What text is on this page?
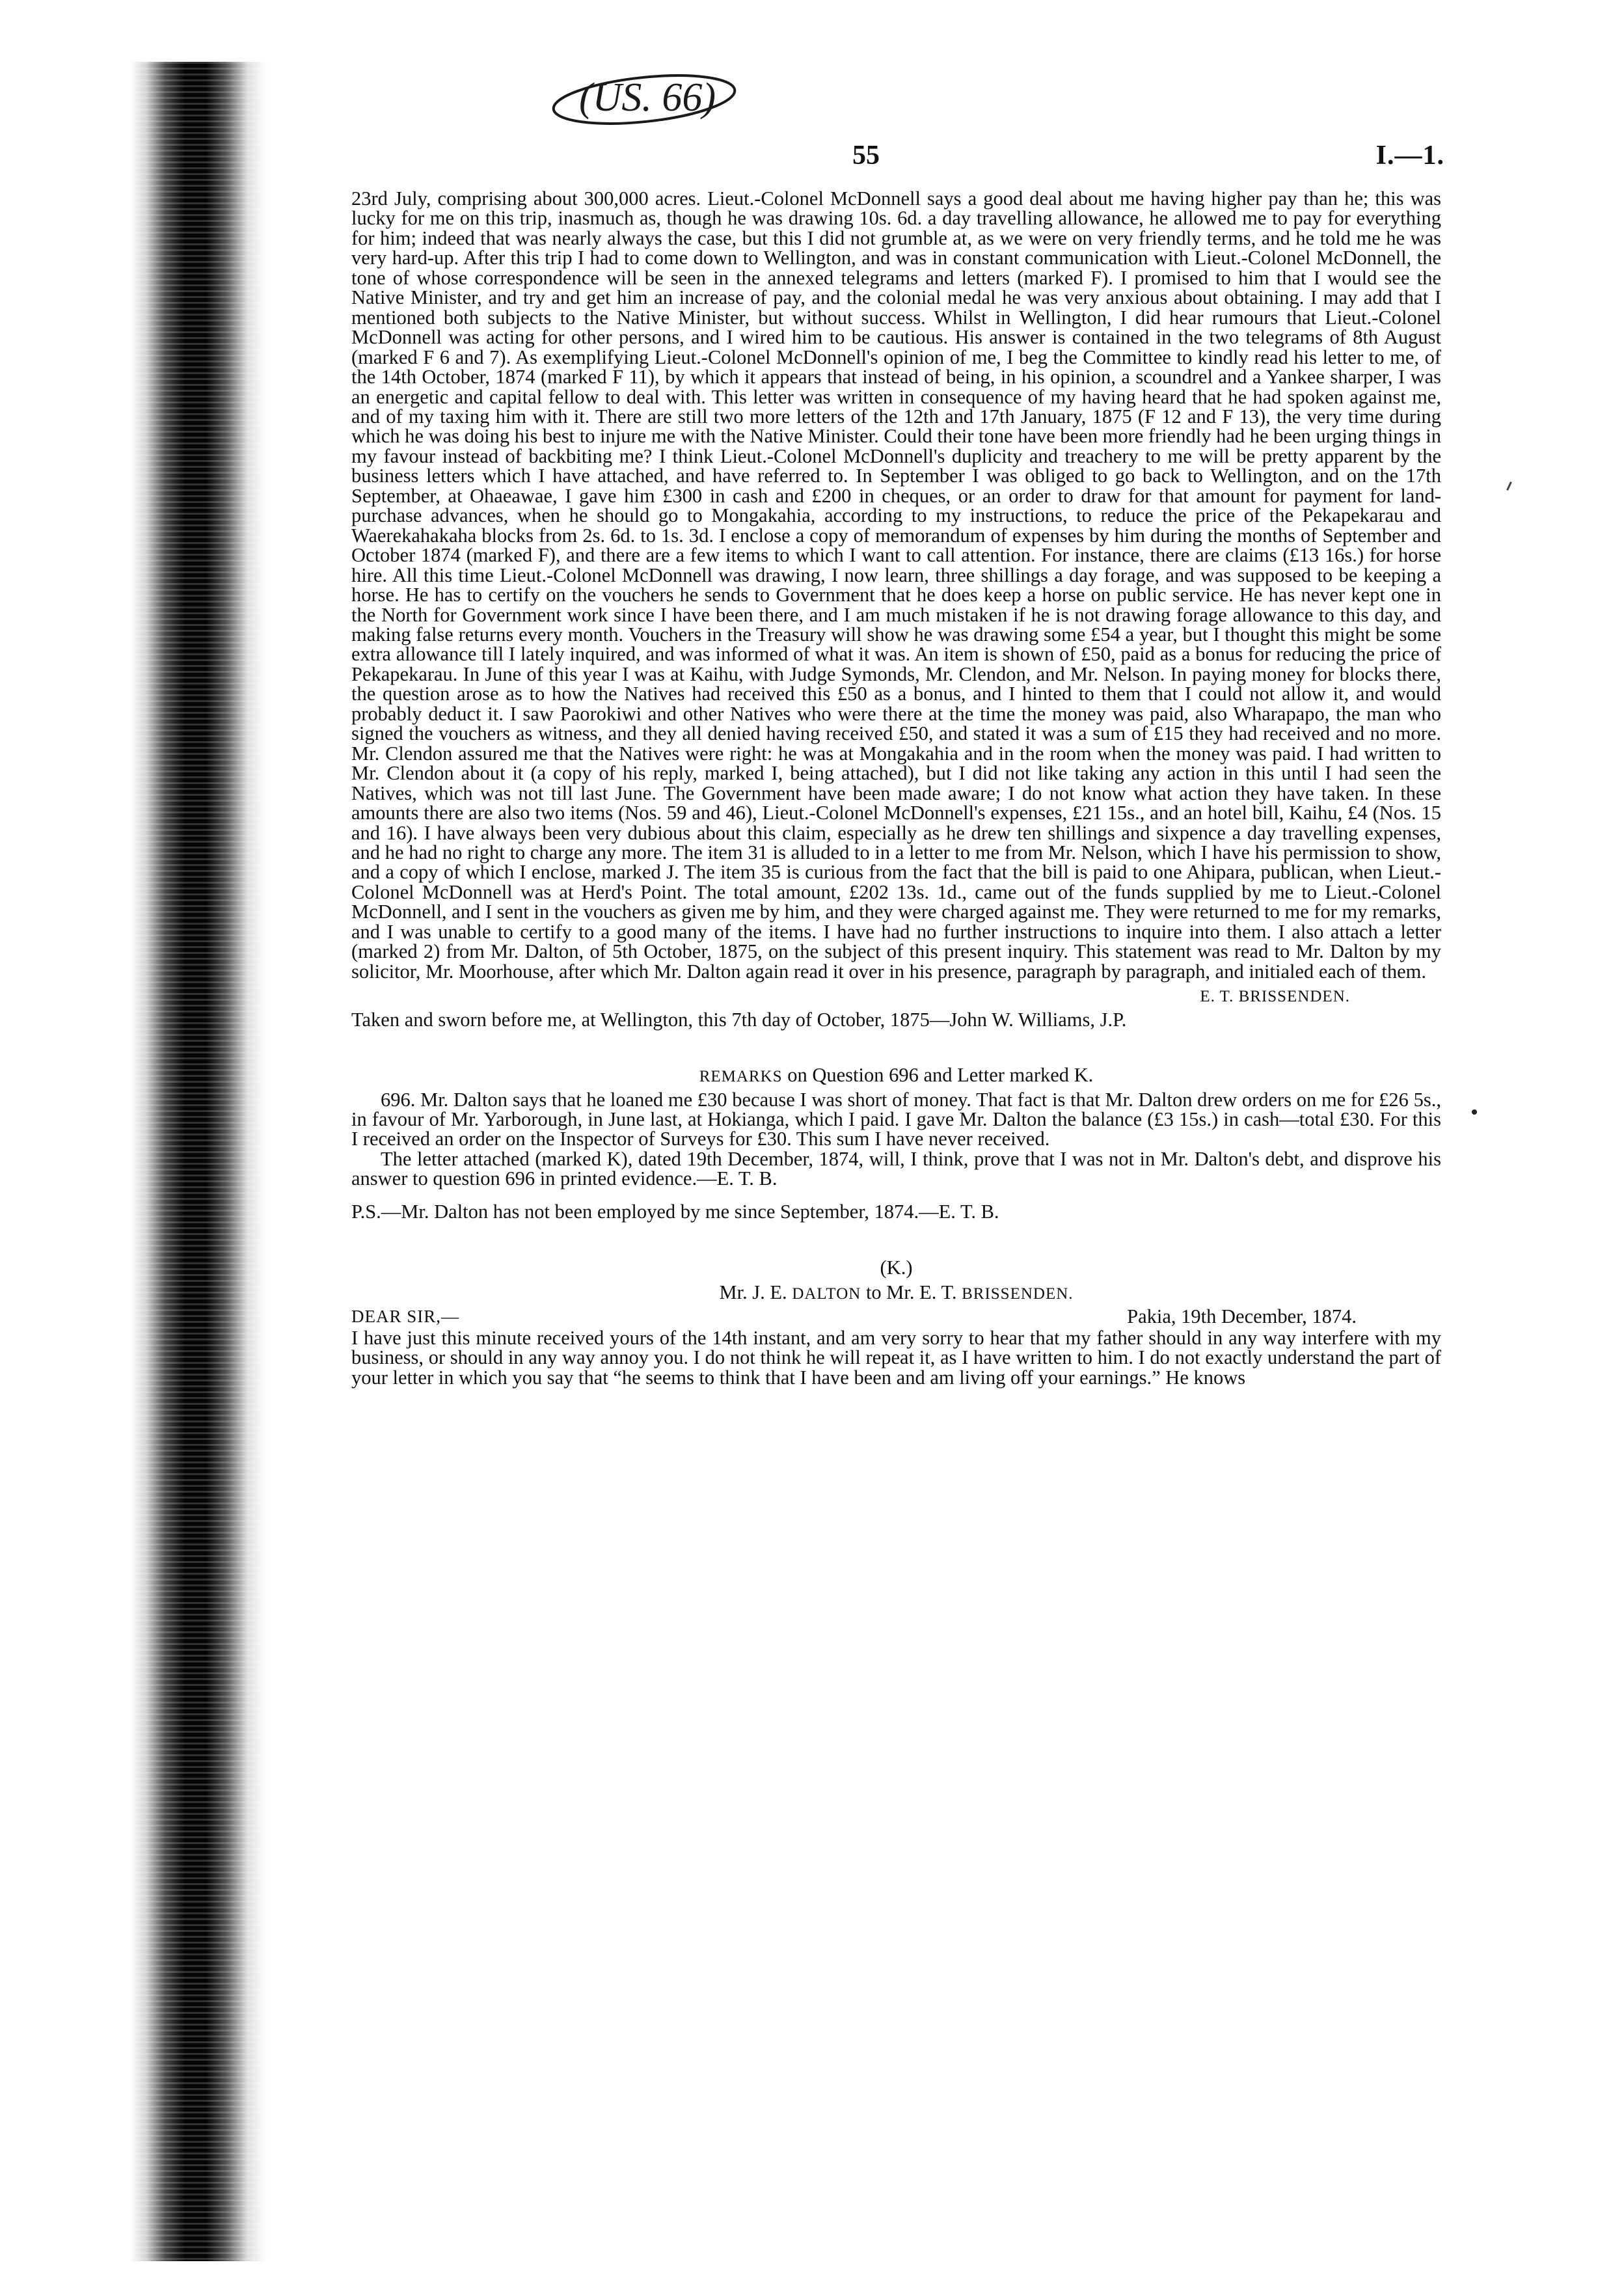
(US. 66)
55	I.—1.

23rd July, comprising about 300,000 acres. Lieut.-Colonel McDonnell says a good deal about me having higher pay than he; this was lucky for me on this trip, inasmuch as, though he was drawing 10s. 6d. a day travelling allowance, he allowed me to pay for everything for him; indeed that was nearly always the case, but this I did not grumble at, as we were on very friendly terms, and he told me he was very hard-up. After this trip I had to come down to Wellington, and was in constant communication with Lieut.-Colonel McDonnell, the tone of whose correspondence will be seen in the annexed telegrams and letters (marked F). I promised to him that I would see the Native Minister, and try and get him an increase of pay, and the colonial medal he was very anxious about obtaining. I may add that I mentioned both subjects to the Native Minister, but without success. Whilst in Wellington, I did hear rumours that Lieut.-Colonel McDonnell was acting for other persons, and I wired him to be cautious. His answer is contained in the two telegrams of 8th August (marked F 6 and 7). As exemplifying Lieut.-Colonel McDonnell's opinion of me, I beg the Committee to kindly read his letter to me, of the 14th October, 1874 (marked F 11), by which it appears that instead of being, in his opinion, a scoundrel and a Yankee sharper, I was an energetic and capital fellow to deal with. This letter was written in consequence of my having heard that he had spoken against me, and of my taxing him with it. There are still two more letters of the 12th and 17th January, 1875 (F 12 and F 13), the very time during which he was doing his best to injure me with the Native Minister. Could their tone have been more friendly had he been urging things in my favour instead of backbiting me? I think Lieut.-Colonel McDonnell's duplicity and treachery to me will be pretty apparent by the business letters which I have attached, and have referred to. In September I was obliged to go back to Wellington, and on the 17th September, at Ohaeawae, I gave him £300 in cash and £200 in cheques, or an order to draw for that amount for payment for land-purchase advances, when he should go to Mongakahia, according to my instructions, to reduce the price of the Pekapekarau and Waerekahakaha blocks from 2s. 6d. to 1s. 3d. I enclose a copy of memorandum of expenses by him during the months of September and October 1874 (marked F), and there are a few items to which I want to call attention. For instance, there are claims (£13 16s.) for horse hire. All this time Lieut.-Colonel McDonnell was drawing, I now learn, three shillings a day forage, and was supposed to be keeping a horse. He has to certify on the vouchers he sends to Government that he does keep a horse on public service. He has never kept one in the North for Government work since I have been there, and I am much mistaken if he is not drawing forage allowance to this day, and making false returns every month. Vouchers in the Treasury will show he was drawing some £54 a year, but I thought this might be some extra allowance till I lately inquired, and was informed of what it was. An item is shown of £50, paid as a bonus for reducing the price of Pekapekarau. In June of this year I was at Kaihu, with Judge Symonds, Mr. Clendon, and Mr. Nelson. In paying money for blocks there, the question arose as to how the Natives had received this £50 as a bonus, and I hinted to them that I could not allow it, and would probably deduct it. I saw Paorokiwi and other Natives who were there at the time the money was paid, also Wharapapo, the man who signed the vouchers as witness, and they all denied having received £50, and stated it was a sum of £15 they had received and no more. Mr. Clendon assured me that the Natives were right: he was at Mongakahia and in the room when the money was paid. I had written to Mr. Clendon about it (a copy of his reply, marked I, being attached), but I did not like taking any action in this until I had seen the Natives, which was not till last June. The Government have been made aware; I do not know what action they have taken. In these amounts there are also two items (Nos. 59 and 46), Lieut.-Colonel McDonnell's expenses, £21 15s., and an hotel bill, Kaihu, £4 (Nos. 15 and 16). I have always been very dubious about this claim, especially as he drew ten shillings and sixpence a day travelling expenses, and he had no right to charge any more. The item 31 is alluded to in a letter to me from Mr. Nelson, which I have his permission to show, and a copy of which I enclose, marked J. The item 35 is curious from the fact that the bill is paid to one Ahipara, publican, when Lieut.-Colonel McDonnell was at Herd's Point. The total amount, £202 13s. 1d., came out of the funds supplied by me to Lieut.-Colonel McDonnell, and I sent in the vouchers as given me by him, and they were charged against me. They were returned to me for my remarks, and I was unable to certify to a good many of the items. I have had no further instructions to inquire into them. I also attach a letter (marked 2) from Mr. Dalton, of 5th October, 1875, on the subject of this present inquiry. This statement was read to Mr. Dalton by my solicitor, Mr. Moorhouse, after which Mr. Dalton again read it over in his presence, paragraph by paragraph, and initialed each of them.

E. T. BRISSENDEN.

Taken and sworn before me, at Wellington, this 7th day of October, 1875—John W. Williams, J.P.

REMARKS on Question 696 and Letter marked K.

696. Mr. Dalton says that he loaned me £30 because I was short of money. That fact is that Mr. Dalton drew orders on me for £26 5s., in favour of Mr. Yarborough, in June last, at Hokianga, which I paid. I gave Mr. Dalton the balance (£3 15s.) in cash—total £30. For this I received an order on the Inspector of Surveys for £30. This sum I have never received.

The letter attached (marked K), dated 19th December, 1874, will, I think, prove that I was not in Mr. Dalton's debt, and disprove his answer to question 696 in printed evidence.—E. T. B.

P.S.—Mr. Dalton has not been employed by me since September, 1874.—E. T. B.

(K.)
Mr. J. E. DALTON to Mr. E. T. BRISSENDEN.
DEAR SIR,—	Pakia, 19th December, 1874.

I have just this minute received yours of the 14th instant, and am very sorry to hear that my father should in any way interfere with my business, or should in any way annoy you. I do not think he will repeat it, as I have written to him. I do not exactly understand the part of your letter in which you say that “he seems to think that I have been and am living off your earnings.” He knows
